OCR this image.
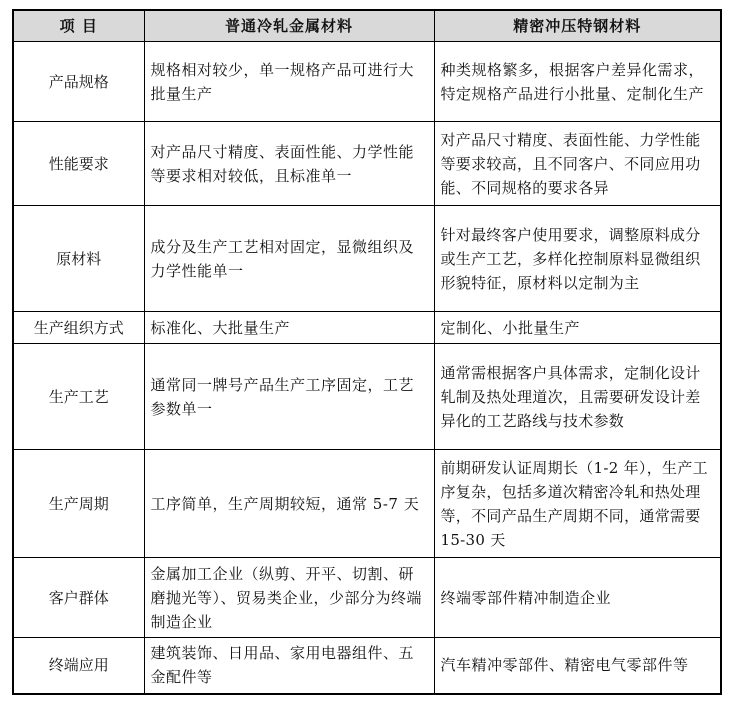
项 目	普通冷轧金属材料	精密冲压特钢材料
产品规格	规格相对较少，单一规格产品可进行大批量生产	种类规格繁多，根据客户差异化需求，特定规格产品进行小批量、定制化生产
性能要求	对产品尺寸精度、表面性能、力学性能等要求相对较低，且标准单一	对产品尺寸精度、表面性能、力学性能等要求较高，且不同客户、不同应用功能、不同规格的要求各异
原材料	成分及生产工艺相对固定，显微组织及力学性能单一	针对最终客户使用要求，调整原料成分或生产工艺，多样化控制原料显微组织形貌特征，原材料以定制为主
生产组织方式	标准化、大批量生产	定制化、小批量生产
生产工艺	通常同一牌号产品生产工序固定，工艺参数单一	通常需根据客户具体需求，定制化设计轧制及热处理道次，且需要研发设计差异化的工艺路线与技术参数
生产周期	工序简单，生产周期较短，通常 5-7 天	前期研发认证周期长（1-2 年），生产工序复杂，包括多道次精密冷轧和热处理等，不同产品生产周期不同，通常需要 15-30 天
客户群体	金属加工企业（纵剪、开平、切割、研磨抛光等）、贸易类企业，少部分为终端制造企业	终端零部件精冲制造企业
终端应用	建筑装饰、日用品、家用电器组件、五金配件等	汽车精冲零部件、精密电气零部件等
